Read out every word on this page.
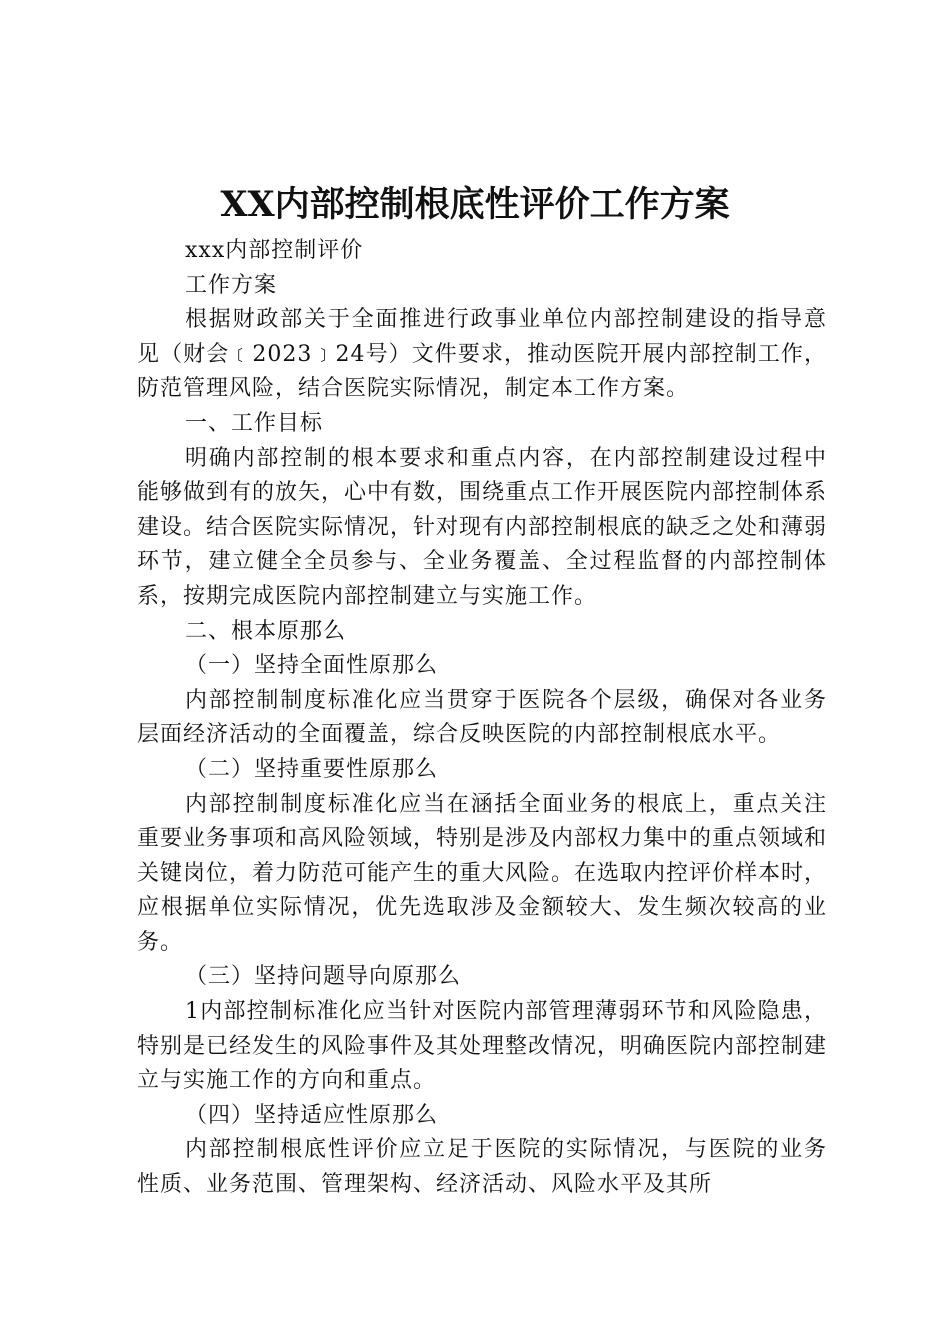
XX内部控制根底性评价工作方案

xxx内部控制评价

工作方案

根据财政部关于全面推进行政事业单位内部控制建设的指导意见（财会﹝2023﹞24号）文件要求，推动医院开展内部控制工作，防范管理风险，结合医院实际情况，制定本工作方案。

一、工作目标

明确内部控制的根本要求和重点内容，在内部控制建设过程中能够做到有的放矢，心中有数，围绕重点工作开展医院内部控制体系建设。结合医院实际情况，针对现有内部控制根底的缺乏之处和薄弱环节，建立健全全员参与、全业务覆盖、全过程监督的内部控制体系，按期完成医院内部控制建立与实施工作。

二、根本原那么

（一）坚持全面性原那么

内部控制制度标准化应当贯穿于医院各个层级，确保对各业务层面经济活动的全面覆盖，综合反映医院的内部控制根底水平。

（二）坚持重要性原那么

内部控制制度标准化应当在涵括全面业务的根底上，重点关注重要业务事项和高风险领域，特别是涉及内部权力集中的重点领域和关键岗位，着力防范可能产生的重大风险。在选取内控评价样本时，应根据单位实际情况，优先选取涉及金额较大、发生频次较高的业务。

（三）坚持问题导向原那么

1内部控制标准化应当针对医院内部管理薄弱环节和风险隐患，特别是已经发生的风险事件及其处理整改情况，明确医院内部控制建立与实施工作的方向和重点。

（四）坚持适应性原那么

内部控制根底性评价应立足于医院的实际情况，与医院的业务性质、业务范围、管理架构、经济活动、风险水平及其所
